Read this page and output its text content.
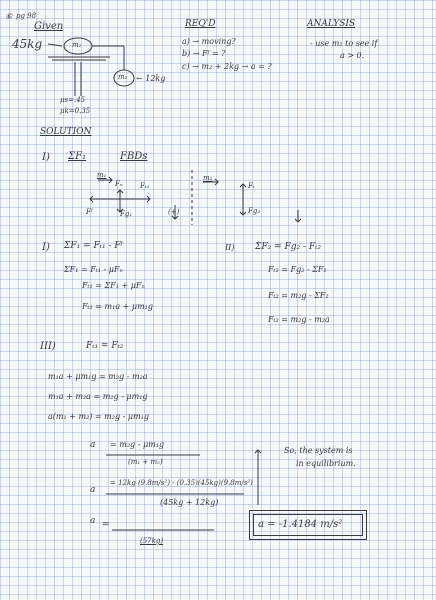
⑥ pg 98
Given	REQ'D	ANALYSIS
45kg	m₁
m₂ ← 12kg
μs=.45
μk=0.35
a) → moving?
b) → Fᶠ = ?
c) → m₂ + 2kg → a = ?
- use m₂ to see if
a > 0.
SOLUTION
I) ΣF₁	FBDs
m₁
Fₙ Fₜ₁
Fᶠ	Fg₁	(+)
m₂
Fₜ
Fg₂
I) ΣF₁ = Fₜ₁ - Fᶠ
ΣF₁ = Fₜ₁ - μFₙ
Fₜ₁ = ΣF₁ + μFₙ
Fₜ₁ = m₁a + μm₁g
II) ΣF₂ = Fg₂ - Fₜ₂
Fₜ₂ = Fg₂ - ΣF₂
Fₜ₂ = m₂g - ΣF₂
Fₜ₂ = m₂g - m₂a
III)	Fₜ₁ = Fₜ₂
m₁a + μm₁g = m₂g - m₂a
m₁a + m₂a = m₂g - μm₁g
a(m₁ + m₂) = m₂g - μm₁g
a = m₂g - μm₁g
(m₁ + m₂)
a
= 12kg (9.8m/s²) - (0.35)(45kg)(9.8m/s²)
(45kg + 12kg)
a =
(57kg)
So, the system is
in equilibrium.
a = -1.4184 m/s²
